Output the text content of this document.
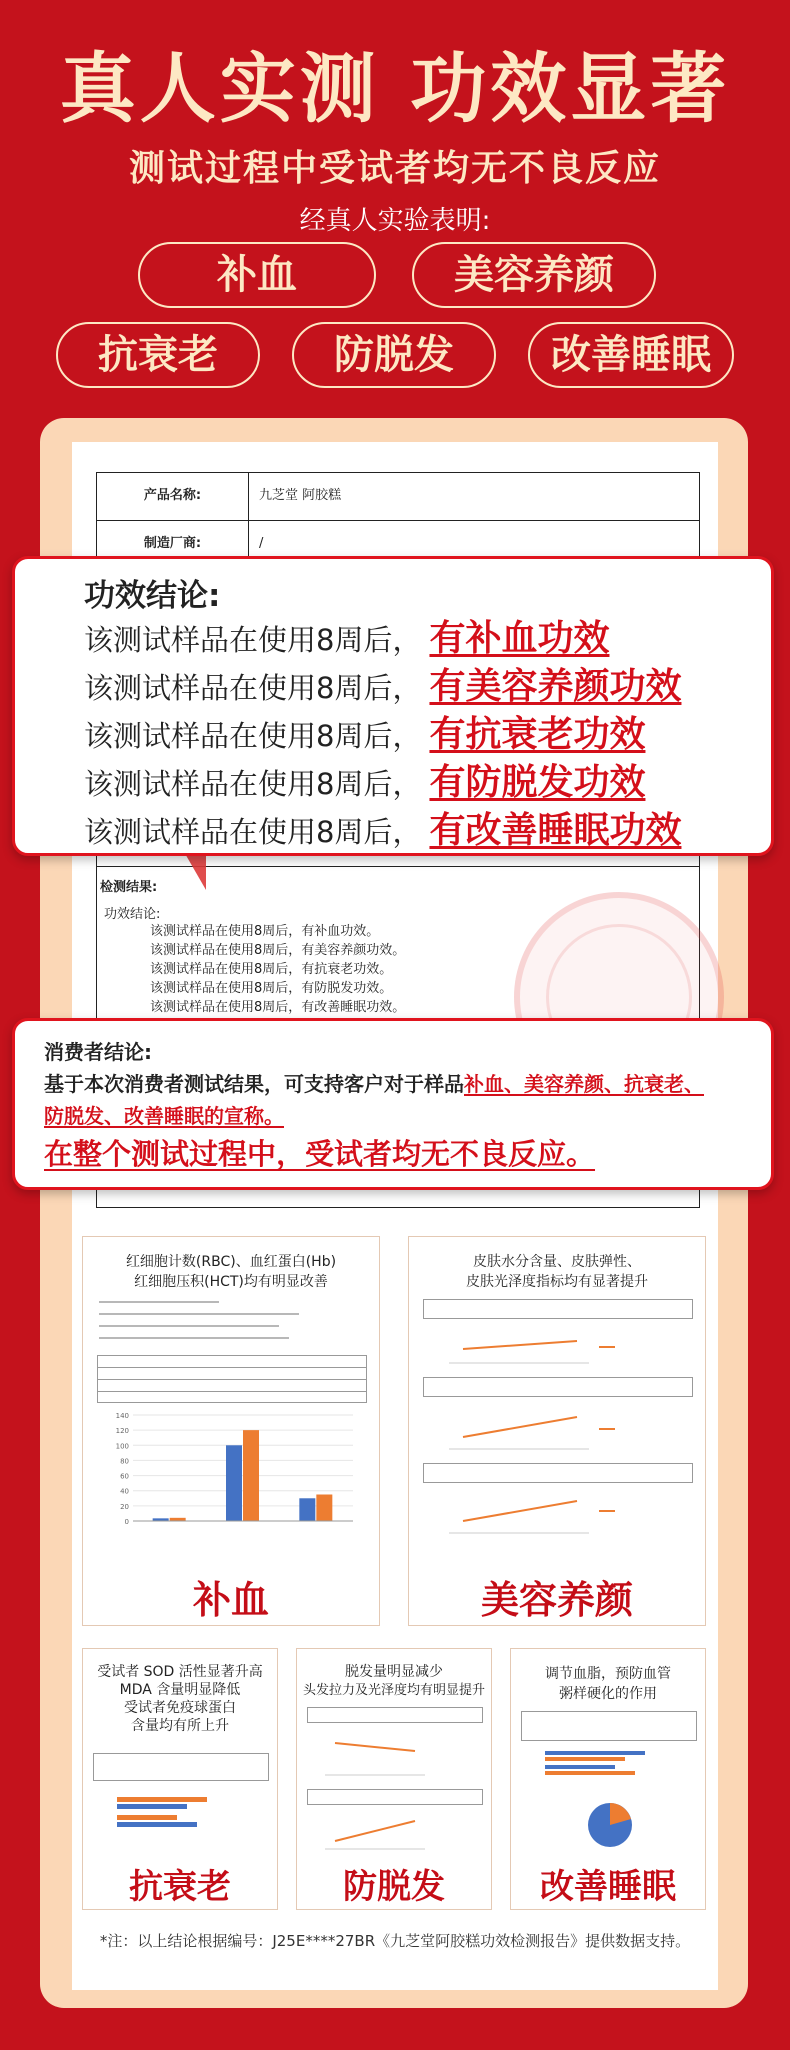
真人实测 功效显著
测试过程中受试者均无不良反应
经真人实验表明:
补血	美容养颜
抗衰老	防脱发	改善睡眠
产品名称:	九芝堂 阿胶糕
制造厂商:	/
检测结果:
功效结论:
该测试样品在使用8周后，有补血功效。
该测试样品在使用8周后，有美容养颜功效。
该测试样品在使用8周后，有抗衰老功效。
该测试样品在使用8周后，有防脱发功效。
该测试样品在使用8周后，有改善睡眠功效。
功效结论:
该测试样品在使用8周后， 有补血功效
该测试样品在使用8周后， 有美容养颜功效
该测试样品在使用8周后， 有抗衰老功效
该测试样品在使用8周后， 有防脱发功效
该测试样品在使用8周后， 有改善睡眠功效
消费者结论:
基于本次消费者测试结果，可支持客户对于样品补血、美容养颜、抗衰老、
防脱发、改善睡眠的宣称。
在整个测试过程中，受试者均无不良反应。
红细胞计数(RBC)、血红蛋白(Hb)
红细胞压积(HCT)均有明显改善
0
20
40
60
80
100
120
140
补血
皮肤水分含量、皮肤弹性、
皮肤光泽度指标均有显著提升
美容养颜
受试者 SOD 活性显著升高
MDA 含量明显降低
受试者免疫球蛋白
含量均有所上升
抗衰老
脱发量明显减少
头发拉力及光泽度均有明显提升
防脱发
调节血脂，预防血管
粥样硬化的作用
改善睡眠
*注：以上结论根据编号：J25E****27BR《九芝堂阿胶糕功效检测报告》提供数据支持。
